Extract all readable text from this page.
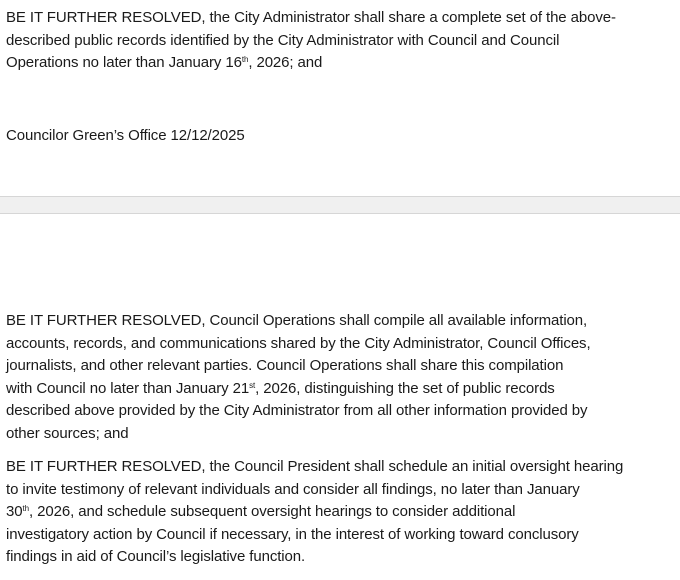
BE IT FURTHER RESOLVED, the City Administrator shall share a complete set of the above-
described public records identified by the City Administrator with Council and Council
Operations no later than January 16th, 2026; and

Councilor Green’s Office 12/12/2025

BE IT FURTHER RESOLVED, Council Operations shall compile all available information,
accounts, records, and communications shared by the City Administrator, Council Offices,
journalists, and other relevant parties. Council Operations shall share this compilation
with Council no later than January 21st, 2026, distinguishing the set of public records
described above provided by the City Administrator from all other information provided by
other sources; and

BE IT FURTHER RESOLVED, the Council President shall schedule an initial oversight hearing
to invite testimony of relevant individuals and consider all findings, no later than January
30th, 2026, and schedule subsequent oversight hearings to consider additional
investigatory action by Council if necessary, in the interest of working toward conclusory
findings in aid of Council’s legislative function.
